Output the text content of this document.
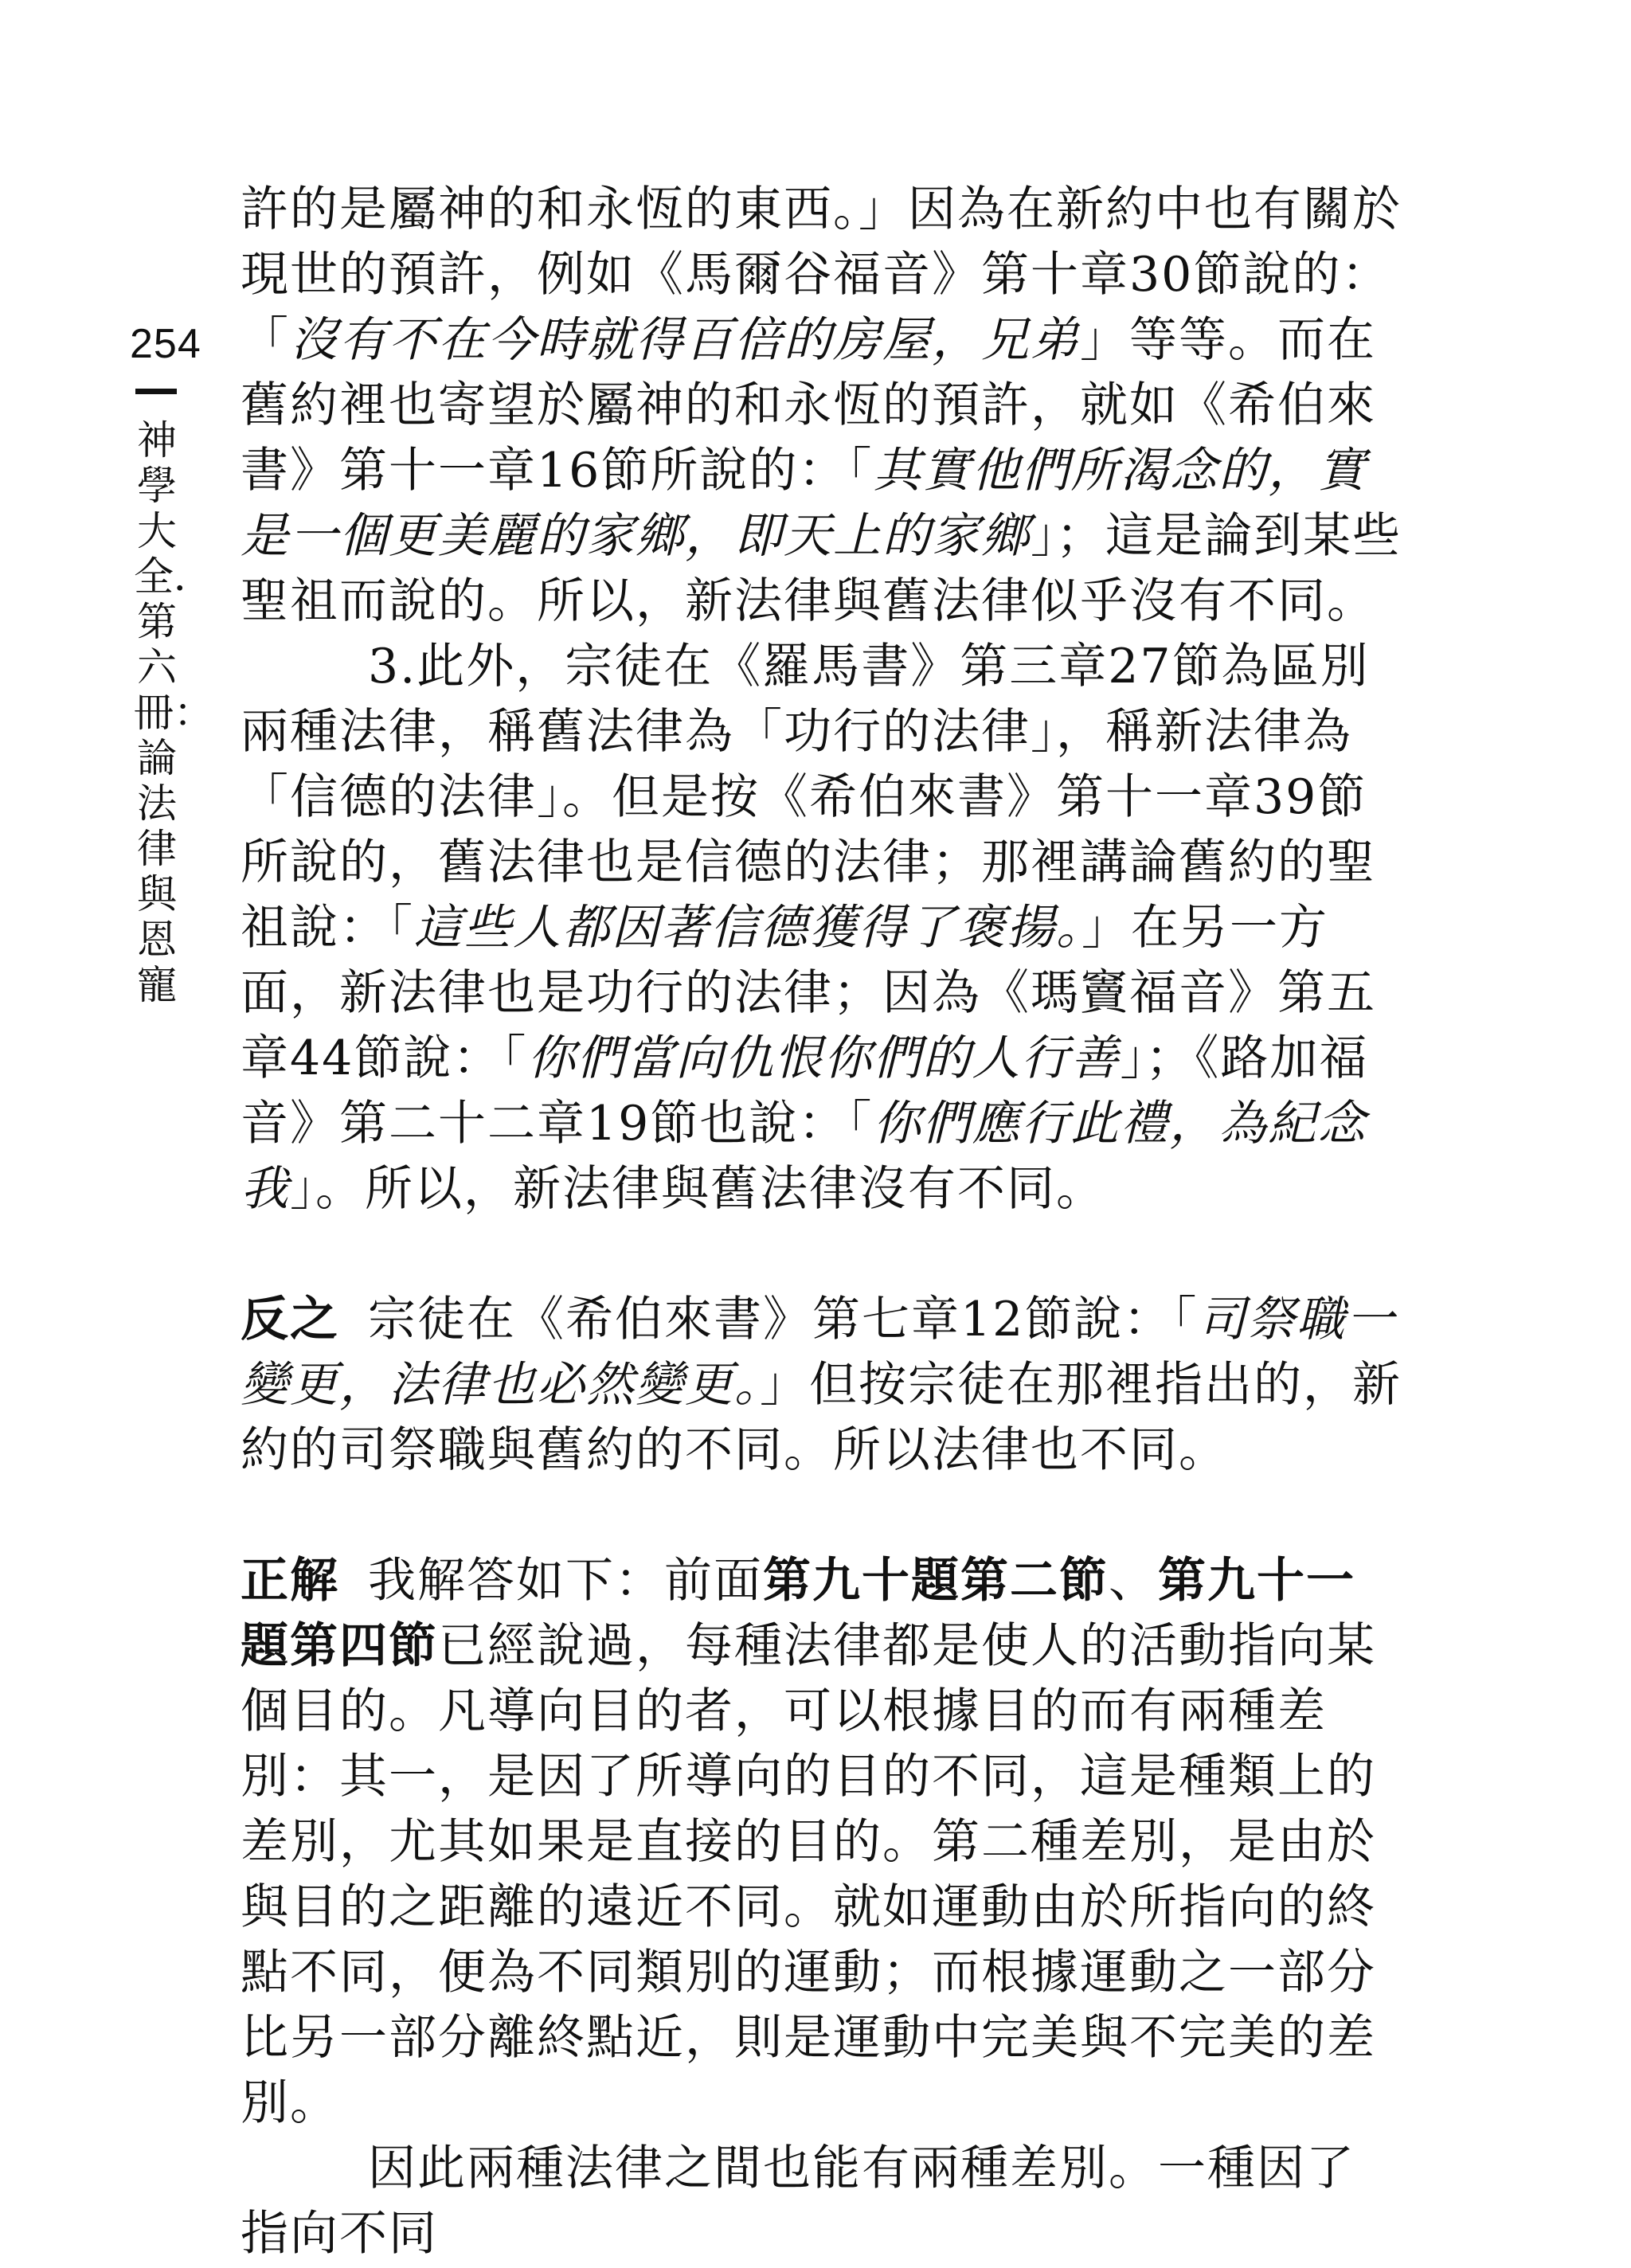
254
神學大全．第六冊：論法律與恩寵

許的是屬神的和永恆的東西。」因為在新約中也有關於現世的預許，例如《馬爾谷福音》第十章30節說的：「沒有不在今時就得百倍的房屋，兄弟」等等。而在舊約裡也寄望於屬神的和永恆的預許，就如《希伯來書》第十一章16節所說的：「其實他們所渴念的，實是一個更美麗的家鄉，即天上的家鄉」；這是論到某些聖祖而說的。所以，新法律與舊法律似乎沒有不同。

3.此外，宗徒在《羅馬書》第三章27節為區別兩種法律，稱舊法律為「功行的法律」，稱新法律為「信德的法律」。但是按《希伯來書》第十一章39節所說的，舊法律也是信德的法律；那裡講論舊約的聖祖說：「這些人都因著信德獲得了褒揚。」在另一方面，新法律也是功行的法律；因為《瑪竇福音》第五章44節說：「你們當向仇恨你們的人行善」；《路加福音》第二十二章19節也說：「你們應行此禮，為紀念我」。所以，新法律與舊法律沒有不同。

反之 宗徒在《希伯來書》第七章12節說：「司祭職一變更，法律也必然變更。」但按宗徒在那裡指出的，新約的司祭職與舊約的不同。所以法律也不同。

正解 我解答如下：前面第九十題第二節、第九十一題第四節已經說過，每種法律都是使人的活動指向某個目的。凡導向目的者，可以根據目的而有兩種差別：其一，是因了所導向的目的不同，這是種類上的差別，尤其如果是直接的目的。第二種差別，是由於與目的之距離的遠近不同。就如運動由於所指向的終點不同，便為不同類別的運動；而根據運動之一部分比另一部分離終點近，則是運動中完美與不完美的差別。

因此兩種法律之間也能有兩種差別。一種因了指向不同
